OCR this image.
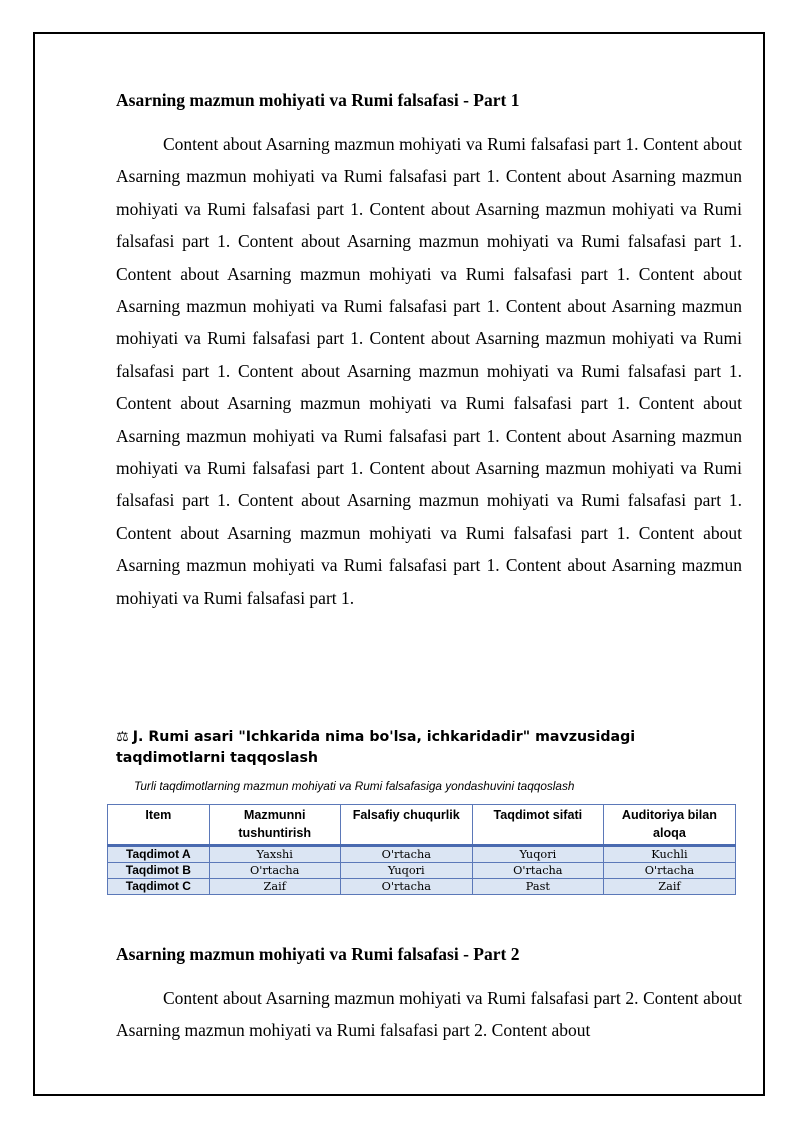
Asarning mazmun mohiyati va Rumi falsafasi - Part 1

Content about Asarning mazmun mohiyati va Rumi falsafasi part 1. Content about Asarning mazmun mohiyati va Rumi falsafasi part 1. Content about Asarning mazmun mohiyati va Rumi falsafasi part 1. Content about Asarning mazmun mohiyati va Rumi falsafasi part 1. Content about Asarning mazmun mohiyati va Rumi falsafasi part 1. Content about Asarning mazmun mohiyati va Rumi falsafasi part 1. Content about Asarning mazmun mohiyati va Rumi falsafasi part 1. Content about Asarning mazmun mohiyati va Rumi falsafasi part 1. Content about Asarning mazmun mohiyati va Rumi falsafasi part 1. Content about Asarning mazmun mohiyati va Rumi falsafasi part 1. Content about Asarning mazmun mohiyati va Rumi falsafasi part 1. Content about Asarning mazmun mohiyati va Rumi falsafasi part 1. Content about Asarning mazmun mohiyati va Rumi falsafasi part 1. Content about Asarning mazmun mohiyati va Rumi falsafasi part 1. Content about Asarning mazmun mohiyati va Rumi falsafasi part 1. Content about Asarning mazmun mohiyati va Rumi falsafasi part 1. Content about Asarning mazmun mohiyati va Rumi falsafasi part 1. Content about Asarning mazmun mohiyati va Rumi falsafasi part 1.

⚖ J. Rumi asari "Ichkarida nima bo'lsa, ichkaridadir" mavzusidagi taqdimotlarni taqqoslash
Turli taqdimotlarning mazmun mohiyati va Rumi falsafasiga yondashuvini taqqoslash
Item	Mazmunni tushuntirish	Falsafiy chuqurlik	Taqdimot sifati	Auditoriya bilan aloqa
Taqdimot A	Yaxshi	O'rtacha	Yuqori	Kuchli
Taqdimot B	O'rtacha	Yuqori	O'rtacha	O'rtacha
Taqdimot C	Zaif	O'rtacha	Past	Zaif
Asarning mazmun mohiyati va Rumi falsafasi - Part 2

Content about Asarning mazmun mohiyati va Rumi falsafasi part 2. Content about Asarning mazmun mohiyati va Rumi falsafasi part 2. Content about
